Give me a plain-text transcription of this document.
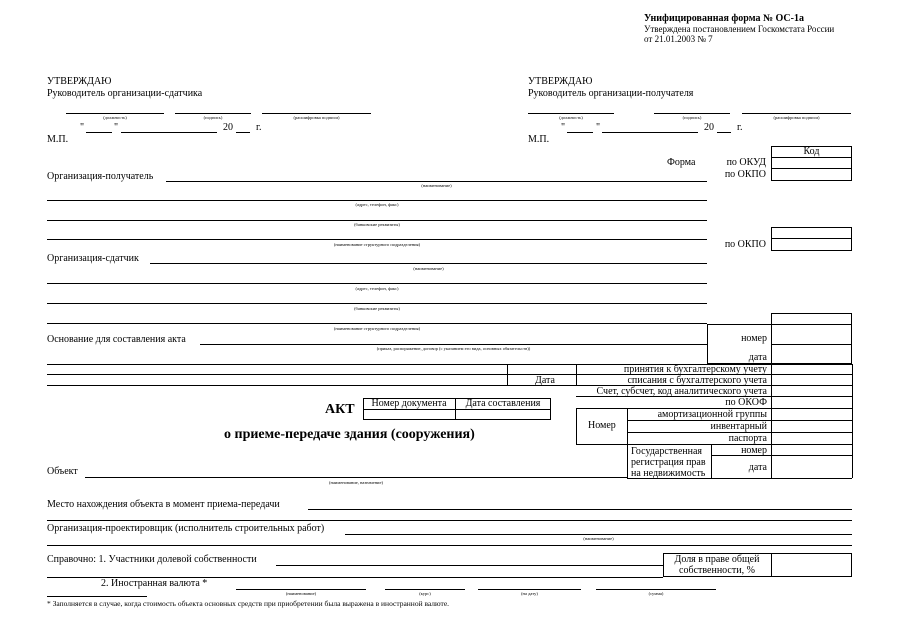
Унифицированная форма № ОС-1а
Утверждена постановлением Госкомстата России
от 21.01.2003 № 7
УТВЕРЖДАЮ
Руководитель организации-сдатчика
(должность)	(подпись)	(расшифровка подписи)
"	"	20 г.
М.П.
УТВЕРЖДАЮ
Руководитель организации-получателя
(должность)	(подпись)	(расшифровка подписи)
"	"	20 г.
М.П.
Код
Форма	по ОКУД
по ОКПО
по ОКПО
Организация-получатель
(наименование)
(адрес, телефон, факс)
(банковские реквизиты)
(наименование структурного подразделения)
Организация-сдатчик
(наименование)
(адрес, телефон, факс)
(банковские реквизиты)
(наименование структурного подразделения)
номер
дата
Основание для составления акта
(приказ, распоряжение, договор (с указанием его вида, основных обязательств))
Дата
принятия к бухгалтерскому учету
списания с бухгалтерского учета
Счет, субсчет, код аналитического учета
по ОКОФ
Номер
амортизационной группы
инвентарный
паспорта
Государственная
регистрация прав
на недвижимость
номер
дата
АКТ	Номер документа	Дата составления
о приеме-передаче здания (сооружения)
Объект
(наименование, назначение)
Место нахождения объекта в момент приема-передачи
Организация-проектировщик (исполнитель строительных работ)
(наименование)
Справочно: 1. Участники долевой собственности	Доля в праве общей
собственности, %
2. Иностранная валюта *
(наименование)	(курс)	(на дату)	(сумма)
* Заполняется в случае, когда стоимость объекта основных средств при приобретении была выражена в иностранной валюте.
